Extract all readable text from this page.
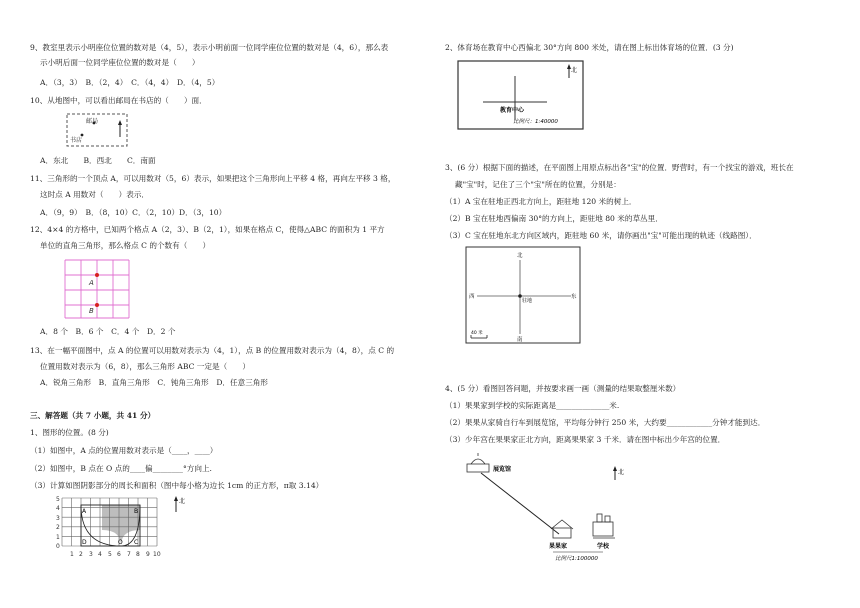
9、教室里表示小明座位位置的数对是（4，5），表示小明前面一位同学座位位置的数对是（4，6），那么表
示小明后面一位同学座位位置的数对是（　　）
A．（3，3）　B．（2，4）　C．（4，4）　D．（4，5）
10、从地图中，可以看出邮局在书店的（　　）面．
邮局
书店
A．东北　　B．西北　　C．南面
11、三角形的一个顶点 A，可以用数对（5，6）表示，如果把这个三角形向上平移 4 格，再向左平移 3 格，
这时点 A 用数对（　　）表示．
A．（9，9）　B．（8，10）C．（2，10）D．（3，10）
12、4×4 的方格中，已知两个格点 A（2，3）、B（2，1），如果在格点 C，使得△ABC 的面积为 1 平方
单位的直角三角形，那么格点 C 的个数有（　　）
A
B
A．8 个　B．6 个　C．4 个　D．2 个
13、在一幅平面图中，点 A 的位置可以用数对表示为（4，1），点 B 的位置用数对表示为（4，8），点 C 的
位置用数对表示为（6，8），那么三角形 ABC 一定是（　　）
A．锐角三角形　B．直角三角形　C．钝角三角形　D．任意三角形
三、解答题（共 7 小题，共 41 分）
1、图形的位置。(8 分)
（1）如图中，A 点的位置用数对表示是（____，____）
（2）如图中，B 点在 O 点的____偏________°方向上.
（3）计算如图阴影部分的周长和面积（图中每小格为边长 1cm 的正方形，π取 3.14）
A	B
D	C
O
0
1
2
3
4
5
1 2 3 4 5 6 7 8 9 10
北
2、体育场在教育中心西偏北 30°方向 800 米处，请在图上标出体育场的位置．(3 分)
北
教育中心
比例尺：1:40000
3、(6 分）根据下面的描述，在平面图上用原点标出各"宝"的位置．野营时，有一个找宝的游戏，班长在
藏"宝"时，记住了三个"宝"所在的位置，分别是：
（1）A 宝在驻地正西北方向上，距驻地 120 米的树上．
（2）B 宝在驻地西偏南 30°的方向上，距驻地 80 米的草丛里．
（3）C 宝在驻地东北方向区域内，距驻地 60 米，请你画出"宝"可能出现的轨迹（线路图）．
北
南
西	东
驻地
40 米
4、(5 分）看图回答问题，并按要求画一画（测量的结果取整厘米数）
（1）果果家到学校的实际距离是______________米.
（2）果果从家骑自行车到展览馆，平均每分钟行 250 米，大约要____________分钟才能到达．
（3）少年宫在果果家正北方向，距离果果家 3 千米．请在图中标出少年宫的位置．
展览馆
果果家	学校
北
比例尺1:100000
